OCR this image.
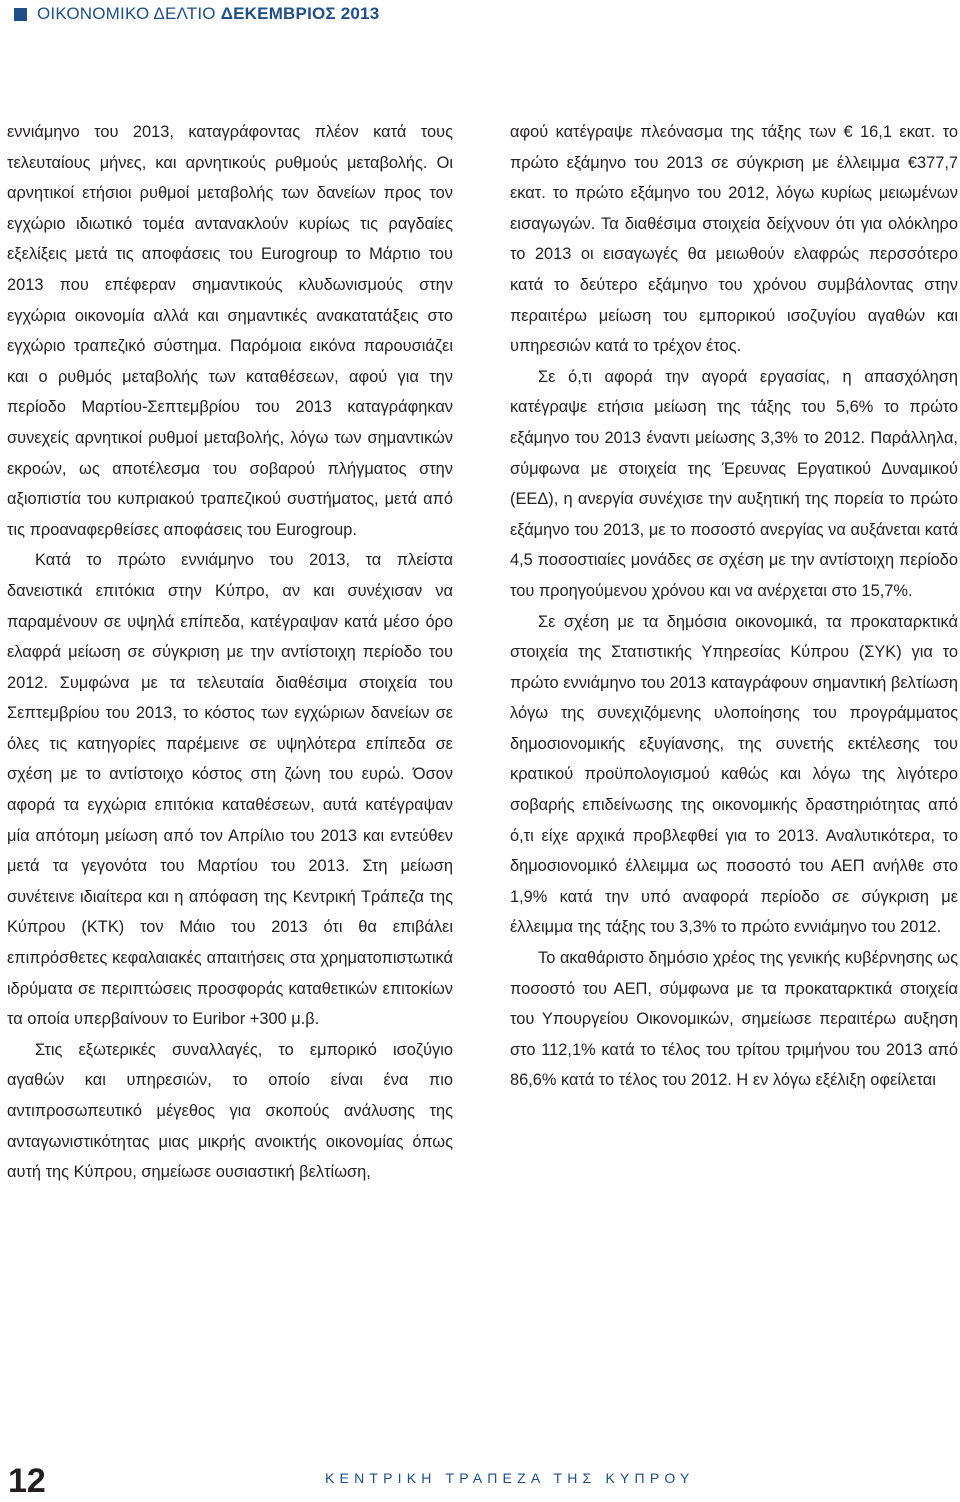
ΟΙΚΟΝΟΜΙΚΟ ΔΕΛΤΙΟ ΔΕΚΕΜΒΡΙΟΣ 2013

εννιάμηνο του 2013, καταγράφοντας πλέον κατά τους τελευταίους μήνες, και αρνητικούς ρυθμούς μεταβολής. Οι αρνητικοί ετήσιοι ρυθμοί μεταβολής των δανείων προς τον εγχώριο ιδιωτικό τομέα αντανακλούν κυρίως τις ραγδαίες εξελίξεις μετά τις αποφάσεις του Eurogroup το Μάρτιο του 2013 που επέφεραν σημαντικούς κλυδωνισμούς στην εγχώρια οικονομία αλλά και σημαντικές ανακατατάξεις στο εγχώριο τραπεζικό σύστημα. Παρόμοια εικόνα παρουσιάζει και ο ρυθμός μεταβολής των καταθέσεων, αφού για την περίοδο Μαρτίου-Σεπτεμβρίου του 2013 καταγράφηκαν συνεχείς αρνητικοί ρυθμοί μεταβολής, λόγω των σημαντικών εκροών, ως αποτέλεσμα του σοβαρού πλήγματος στην αξιοπιστία του κυπριακού τραπεζικού συστήματος, μετά από τις προαναφερθείσες αποφάσεις του Eurogroup.

Κατά το πρώτο εννιάμηνο του 2013, τα πλείστα δανειστικά επιτόκια στην Κύπρο, αν και συνέχισαν να παραμένουν σε υψηλά επίπεδα, κατέγραψαν κατά μέσο όρο ελαφρά μείωση σε σύγκριση με την αντίστοιχη περίοδο του 2012. Συμφώνα με τα τελευταία διαθέσιμα στοιχεία του Σεπτεμβρίου του 2013, το κόστος των εγχώριων δανείων σε όλες τις κατηγορίες παρέμεινε σε υψηλότερα επίπεδα σε σχέση με το αντίστοιχο κόστος στη ζώνη του ευρώ. Όσον αφορά τα εγχώρια επιτόκια καταθέσεων, αυτά κατέγραψαν μία απότομη μείωση από τον Απρίλιο του 2013 και εντεύθεν μετά τα γεγονότα του Μαρτίου του 2013. Στη μείωση συνέτεινε ιδιαίτερα και η απόφαση της Κεντρική Τράπεζα της Κύπρου (ΚΤΚ) τον Μάιο του 2013 ότι θα επιβάλει επιπρόσθετες κεφαλαιακές απαιτήσεις στα χρηματοπιστωτικά ιδρύματα σε περιπτώσεις προσφοράς καταθετικών επιτοκίων τα οποία υπερβαίνουν το Euribor +300 μ.β.

Στις εξωτερικές συναλλαγές, το εμπορικό ισοζύγιο αγαθών και υπηρεσιών, το οποίο είναι ένα πιο αντιπροσωπευτικό μέγεθος για σκοπούς ανάλυσης της ανταγωνιστικότητας μιας μικρής ανοικτής οικονομίας όπως αυτή της Κύπρου, σημείωσε ουσιαστική βελτίωση,

αφού κατέγραψε πλεόνασμα της τάξης των € 16,1 εκατ. το πρώτο εξάμηνο του 2013 σε σύγκριση με έλλειμμα €377,7 εκατ. το πρώτο εξάμηνο του 2012, λόγω κυρίως μειωμένων εισαγωγών. Τα διαθέσιμα στοιχεία δείχνουν ότι για ολόκληρο το 2013 οι εισαγωγές θα μειωθούν ελαφρώς περσσότερο κατά το δεύτερο εξάμηνο του χρόνου συμβάλοντας στην περαιτέρω μείωση του εμπορικού ισοζυγίου αγαθών και υπηρεσιών κατά το τρέχον έτος.

Σε ό,τι αφορά την αγορά εργασίας, η απασχόληση κατέγραψε ετήσια μείωση της τάξης του 5,6% το πρώτο εξάμηνο του 2013 έναντι μείωσης 3,3% το 2012. Παράλληλα, σύμφωνα με στοιχεία της Έρευνας Εργατικού Δυναμικού (ΕΕΔ), η ανεργία συνέχισε την αυξητική της πορεία το πρώτο εξάμηνο του 2013, με το ποσοστό ανεργίας να αυξάνεται κατά 4,5 ποσοστιαίες μονάδες σε σχέση με την αντίστοιχη περίοδο του προηγούμενου χρόνου και να ανέρχεται στο 15,7%.

Σε σχέση με τα δημόσια οικονομικά, τα προκαταρκτικά στοιχεία της Στατιστικής Υπηρεσίας Κύπρου (ΣΥΚ) για το πρώτο εννιάμηνο του 2013 καταγράφουν σημαντική βελτίωση λόγω της συνεχιζόμενης υλοποίησης του προγράμματος δημοσιονομικής εξυγίανσης, της συνετής εκτέλεσης του κρατικού προϋπολογισμού καθώς και λόγω της λιγότερο σοβαρής επιδείνωσης της οικονομικής δραστηριότητας από ό,τι είχε αρχικά προβλεφθεί για το 2013. Αναλυτικότερα, το δημοσιονομικό έλλειμμα ως ποσοστό του ΑΕΠ ανήλθε στο 1,9% κατά την υπό αναφορά περίοδο σε σύγκριση με έλλειμμα της τάξης του 3,3% το πρώτο εννιάμηνο του 2012.

Το ακαθάριστο δημόσιο χρέος της γενικής κυβέρνησης ως ποσοστό του ΑΕΠ, σύμφωνα με τα προκαταρκτικά στοιχεία του Υπουργείου Οικονομικών, σημείωσε περαιτέρω αυξηση στο 112,1% κατά το τέλος του τρίτου τριμήνου του 2013 από 86,6% κατά το τέλος του 2012. Η εν λόγω εξέλιξη οφείλεται

12	ΚΕΝΤΡΙΚΗ ΤΡΑΠΕΖΑ ΤΗΣ ΚΥΠΡΟΥ
